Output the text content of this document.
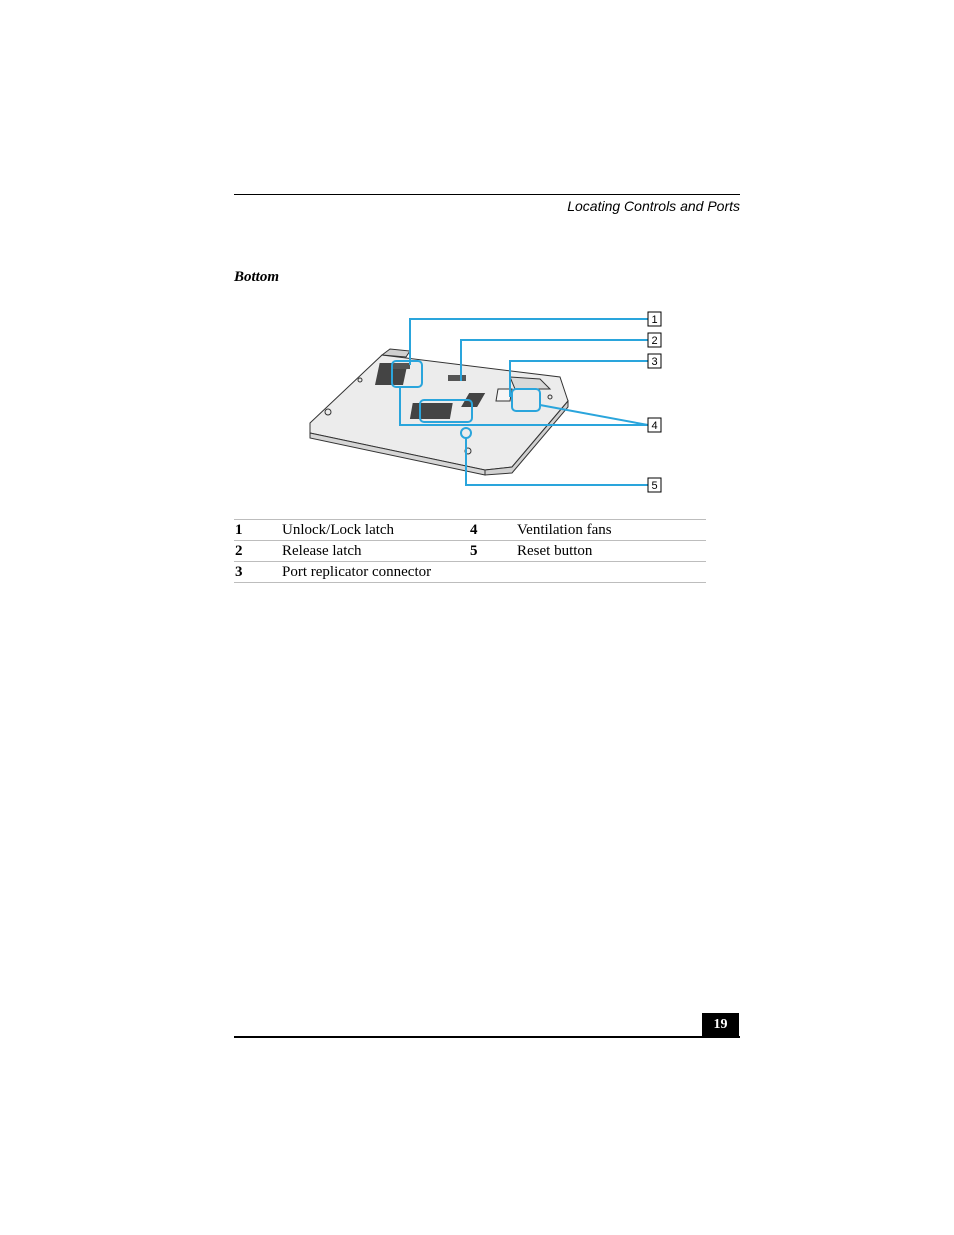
Locating Controls and Ports
Bottom
1
2
3
4
5
1	Unlock/Lock latch	4	Ventilation fans
2	Release latch	5	Reset button
3	Port replicator connector		
19
